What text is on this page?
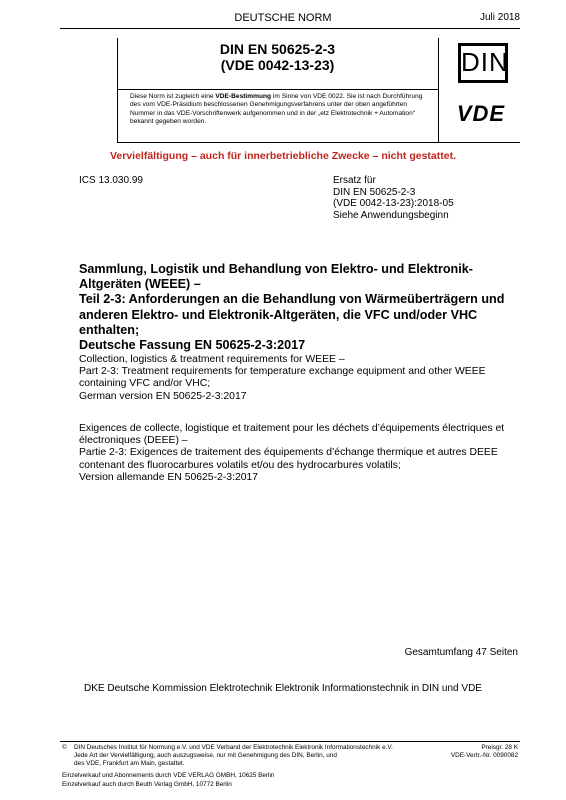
DEUTSCHE NORM	Juli 2018
DIN EN 50625-2-3
(VDE 0042-13-23)	DIN
VDE
Diese Norm ist zugleich eine VDE-Bestimmung im Sinne von VDE 0022. Sie ist nach Durchführung des vom VDE-Präsidium beschlossenen Genehmigungsverfahrens unter der oben angeführten Nummer in das VDE-Vorschriftenwerk aufgenommen und in der „etz Elektrotechnik + Automation“ bekannt gegeben worden.
Vervielfältigung – auch für innerbetriebliche Zwecke – nicht gestattet.
ICS 13.030.99	Ersatz für
DIN EN 50625-2-3
(VDE 0042-13-23):2018-05
Siehe Anwendungsbeginn
Sammlung, Logistik und Behandlung von Elektro- und Elektronik-
Altgeräten (WEEE) –
Teil 2-3: Anforderungen an die Behandlung von Wärmeüberträgern und
anderen Elektro- und Elektronik-Altgeräten, die VFC und/oder VHC
enthalten;
Deutsche Fassung EN 50625-2-3:2017
Collection, logistics & treatment requirements for WEEE –
Part 2-3: Treatment requirements for temperature exchange equipment and other WEEE
containing VFC and/or VHC;
German version EN 50625-2-3:2017
Exigences de collecte, logistique et traitement pour les déchets d’équipements électriques et
électroniques (DEEE) –
Partie 2-3: Exigences de traitement des équipements d’échange thermique et autres DEEE
contenant des fluorocarbures volatils et/ou des hydrocarbures volatils;
Version allemande EN 50625-2-3:2017
Gesamtumfang 47 Seiten
DKE Deutsche Kommission Elektrotechnik Elektronik Informationstechnik in DIN und VDE
© DIN Deutsches Institut für Normung e.V. und VDE Verband der Elektrotechnik Elektronik Informationstechnik e.V.
Jede Art der Vervielfältigung, auch auszugsweise, nur mit Genehmigung des DIN, Berlin, und
des VDE, Frankfurt am Main, gestattet.
Preisgr. 28 K
VDE-Vertr.-Nr. 0090082
Einzelverkauf und Abonnements durch VDE VERLAG GMBH, 10625 Berlin
Einzelverkauf auch durch Beuth Verlag GmbH, 10772 Berlin
